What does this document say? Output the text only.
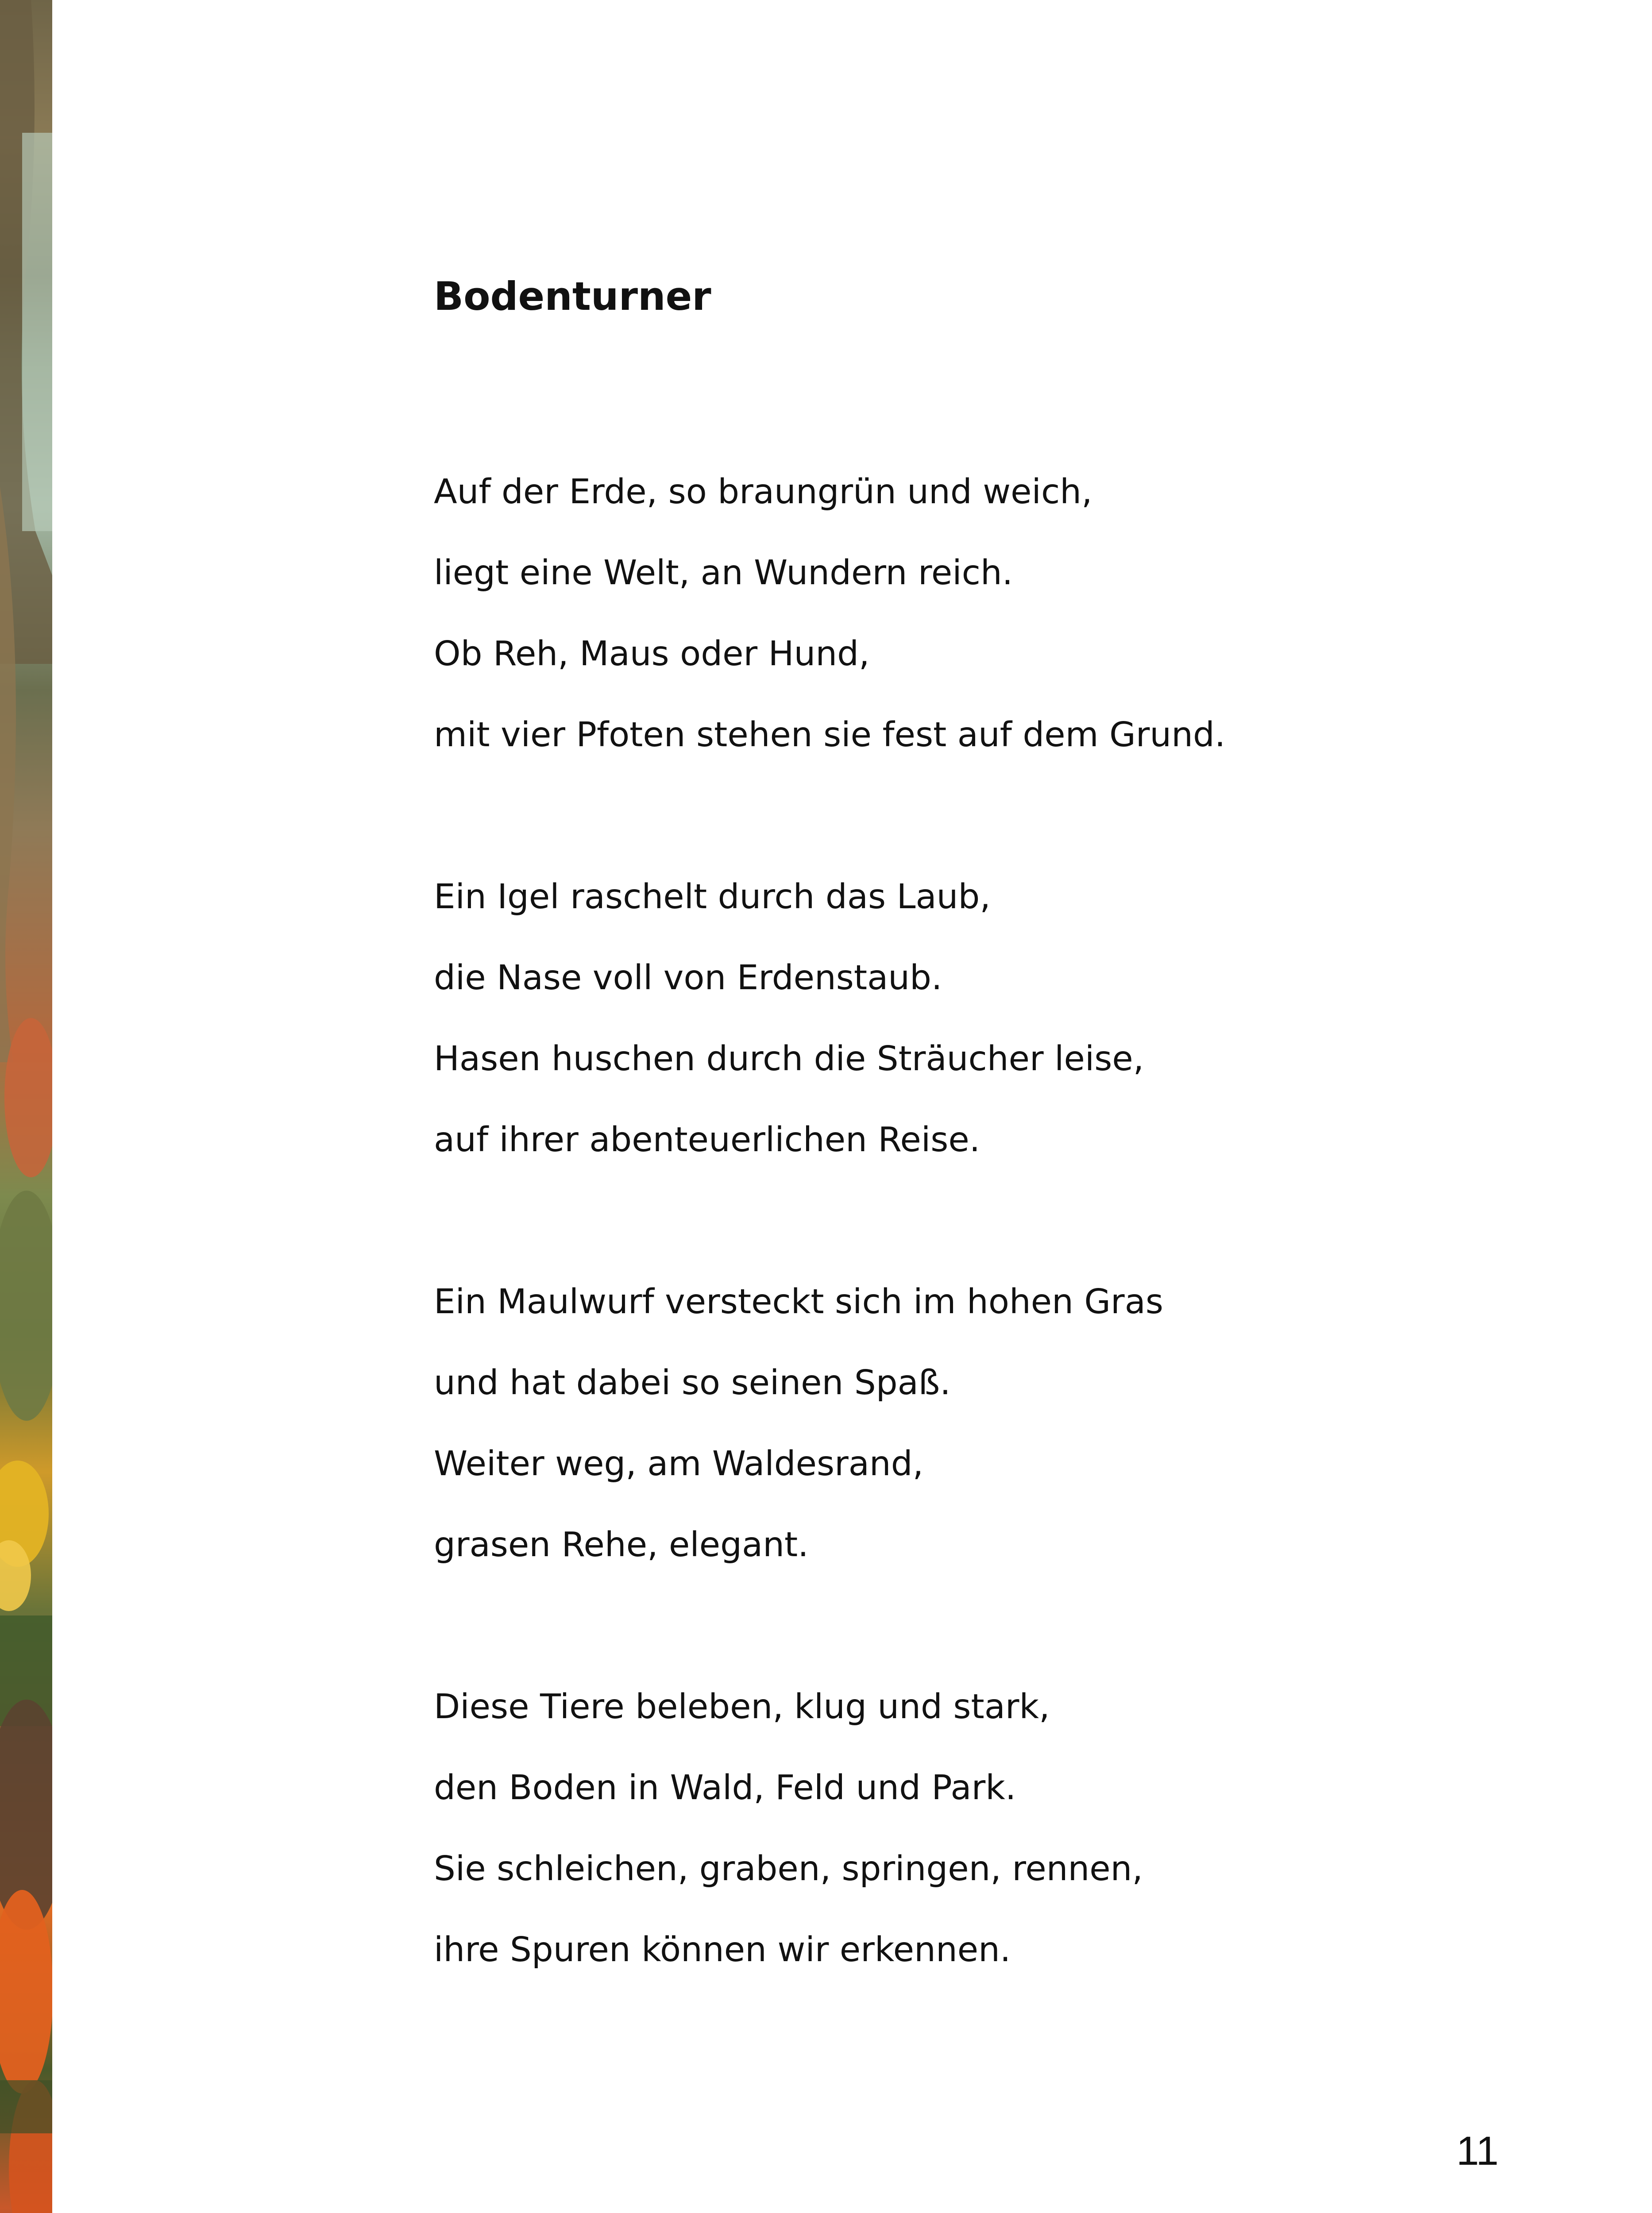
Bodenturner
Auf der Erde, so braungrün und weich,
liegt eine Welt, an Wundern reich.
Ob Reh, Maus oder Hund,
mit vier Pfoten stehen sie fest auf dem Grund.
Ein Igel raschelt durch das Laub,
die Nase voll von Erdenstaub.
Hasen huschen durch die Sträucher leise,
auf ihrer abenteuerlichen Reise.
Ein Maulwurf versteckt sich im hohen Gras
und hat dabei so seinen Spaß.
Weiter weg, am Waldesrand,
grasen Rehe, elegant.
Diese Tiere beleben, klug und stark,
den Boden in Wald, Feld und Park.
Sie schleichen, graben, springen, rennen,
ihre Spuren können wir erkennen.
11
